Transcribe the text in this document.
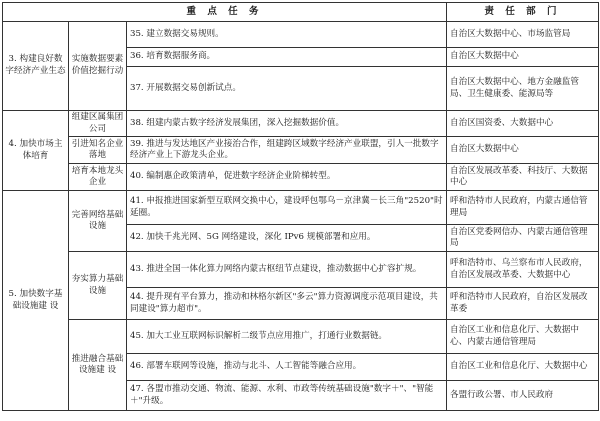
重 点 任 务			责 任 部 门
3. 构建良好数字经济产业生态	实施数据要素价值挖掘行动	35. 建立数据交易规则。	自治区大数据中心、市场监管局
		36. 培育数据服务商。	自治区大数据中心
		37. 开展数据交易创新试点。	自治区大数据中心、地方金融监管局、卫生健康委、能源局等
4. 加快市场主体培育	组建区属集团公司	38. 组建内蒙古数字经济发展集团，深入挖掘数据价值。	自治区国资委、大数据中心
	引进知名企业落地	39. 推进与发达地区产业接治合作，组建跨区域数字经济产业联盟，引人一批数字经济产业上下游龙头企业。	自治区大数据中心
	培育本地龙头企业	40. 编制惠企政策清单，促进数字经济企业阶梯转型。	自治区发展改革委、科技厅、大数据中心
5. 加快数字基础设施建 设	完善网络基础设施	41. 申报推进国家新型互联网交换中心，建设呼包鄂乌－京津冀－长三角"2520"时延圈。	呼和浩特市人民政府，内蒙古通信管理局
		42. 加快千兆光网、5G 网络建设，深化 IPv6 规模部署和应用。	自治区党委网信办、内蒙古通信管理局
	夯实算力基础设施	43. 推进全国一体化算力网络内蒙古枢纽节点建设，推动数据中心扩容扩规。	呼和浩特市、乌兰察布市人民政府，自治区发展改革委、大数据中心
		44. 提升现有平台算力，推动和林格尔新区"多云"算力资源调度示范项目建设，共同建设"算力超市"。	呼和浩特市人民政府，自治区发展改革委
	推进融合基础设施建 设	45. 加大工业互联网标识解析二级节点应用推广，打通行业数据链。	自治区工业和信息化厅、大数据中心、内蒙古通信管理局
		46. 部署车联网等设施，推动与北斗、人工智能等融合应用。	自治区工业和信息化厅、大数据中心
		47. 各盟市推动交通、物流、能源、水利、市政等传统基础设施"数字＋"、"智能＋"升级。	各盟行政公署、市人民政府
